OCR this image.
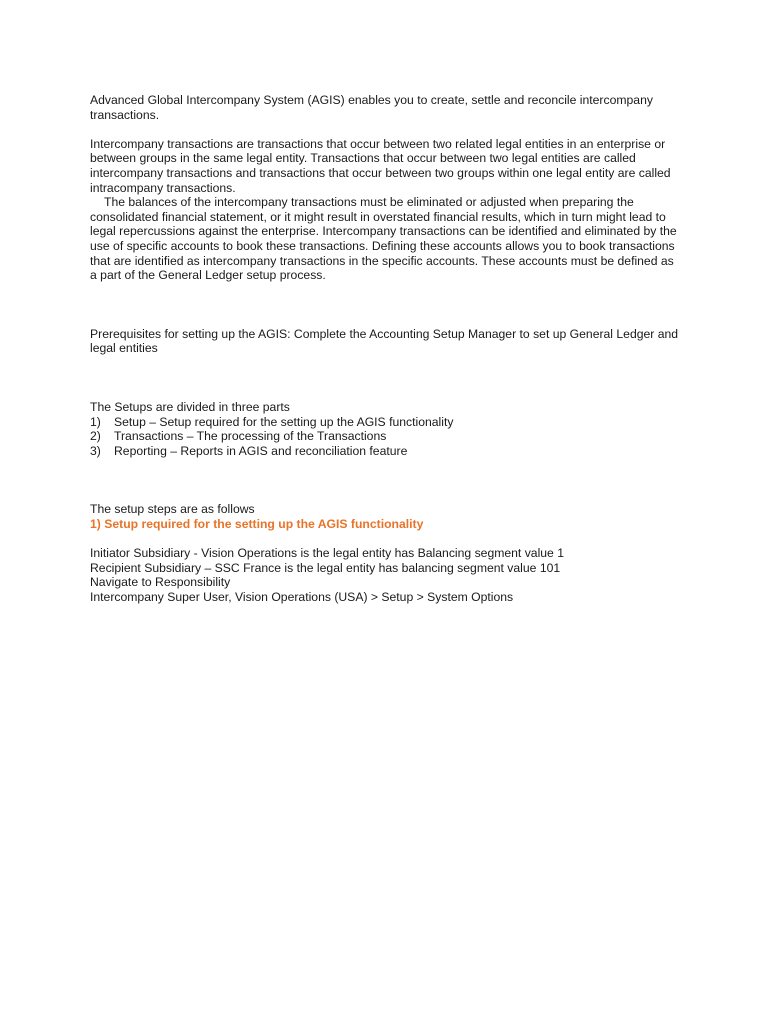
Advanced Global Intercompany System (AGIS) enables you to create, settle and reconcile intercompany transactions.

Intercompany transactions are transactions that occur between two related legal entities in an enterprise or between groups in the same legal entity. Transactions that occur between two legal entities are called intercompany transactions and transactions that occur between two groups within one legal entity are called intracompany transactions.

The balances of the intercompany transactions must be eliminated or adjusted when preparing the consolidated financial statement, or it might result in overstated financial results, which in turn might lead to legal repercussions against the enterprise. Intercompany transactions can be identified and eliminated by the use of specific accounts to book these transactions. Defining these accounts allows you to book transactions that are identified as intercompany transactions in the specific accounts. These accounts must be defined as a part of the General Ledger setup process.

Prerequisites for setting up the AGIS: Complete the Accounting Setup Manager to set up General Ledger and legal entities

The Setups are divided in three parts

1)	Setup – Setup required for the setting up the AGIS functionality
2)	Transactions – The processing of the Transactions
3)	Reporting – Reports in AGIS and reconciliation feature

The setup steps are as follows

1) Setup required for the setting up the AGIS functionality

Initiator Subsidiary - Vision Operations is the legal entity has Balancing segment value 1

Recipient Subsidiary – SSC France is the legal entity has balancing segment value 101

Navigate to Responsibility

Intercompany Super User, Vision Operations (USA) > Setup > System Options
